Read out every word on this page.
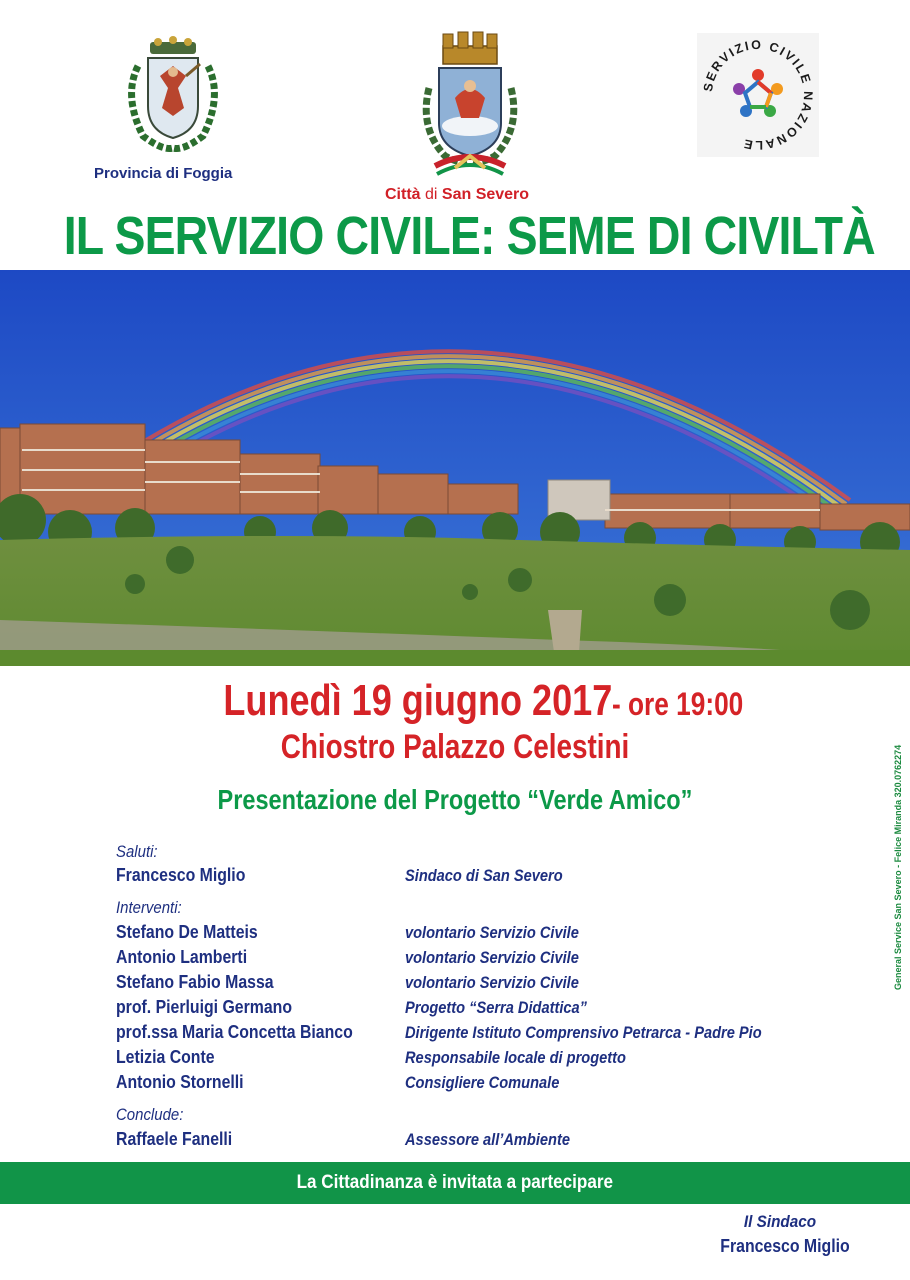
Provincia di Foggia
Città di San Severo
SERVIZIO CIVILE NAZIONALE
IL SERVIZIO CIVILE: SEME DI CIVILTÀ
Lunedì 19 giugno 2017- ore 19:00
Chiostro Palazzo Celestini
Presentazione del Progetto “Verde Amico”
Saluti:
Francesco Miglio	Sindaco di San Severo
Interventi:
Stefano De Matteis	volontario Servizio Civile
Antonio Lamberti	volontario Servizio Civile
Stefano Fabio Massa	volontario Servizio Civile
prof. Pierluigi Germano	Progetto “Serra Didattica”
prof.ssa Maria Concetta Bianco	Dirigente Istituto Comprensivo Petrarca - Padre Pio
Letizia Conte	Responsabile locale di progetto
Antonio Stornelli	Consigliere Comunale
Conclude:
Raffaele Fanelli	Assessore all’Ambiente
La Cittadinanza è invitata a partecipare
Il Sindaco
Francesco Miglio
General Service San Severo - Felice Miranda 320.0762274
